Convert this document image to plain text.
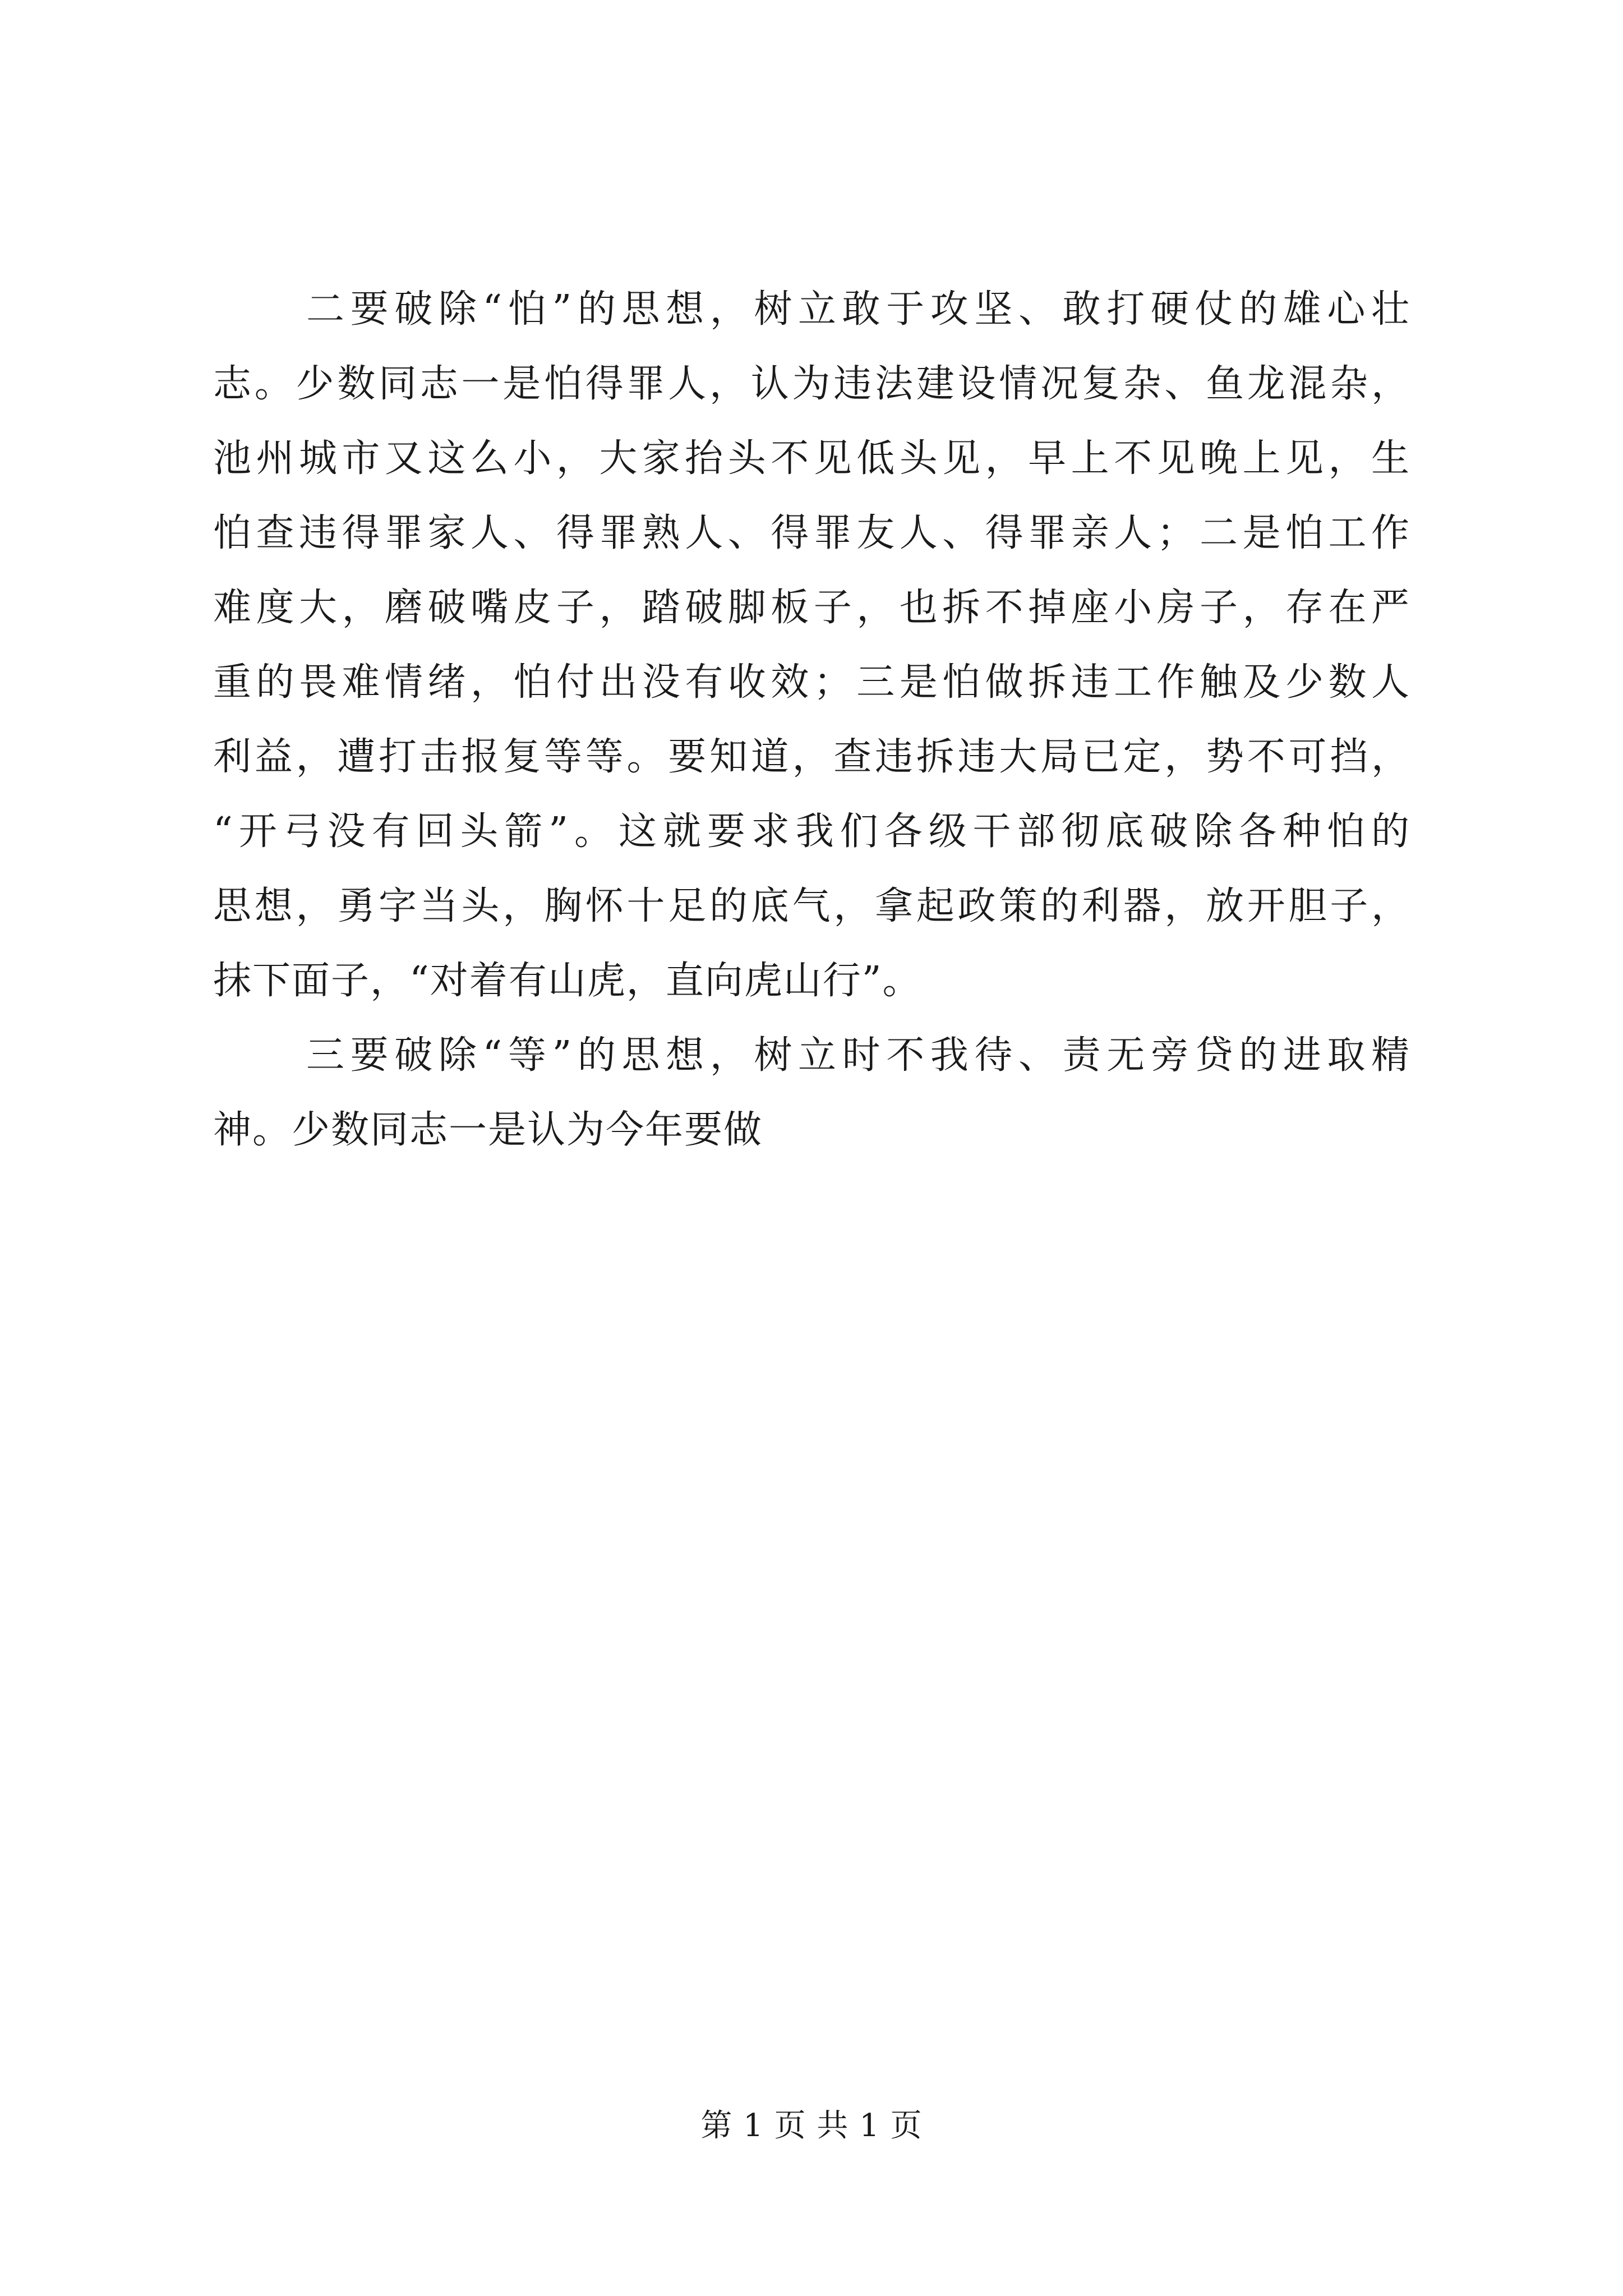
二要破除“怕”的思想，树立敢于攻坚、敢打硬仗的雄心壮
志。少数同志一是怕得罪人，认为违法建设情况复杂、鱼龙混杂，
池州城市又这么小，大家抬头不见低头见，早上不见晚上见，生
怕查违得罪家人、得罪熟人、得罪友人、得罪亲人；二是怕工作
难度大，磨破嘴皮子，踏破脚板子，也拆不掉座小房子，存在严
重的畏难情绪，怕付出没有收效；三是怕做拆违工作触及少数人
利益，遭打击报复等等。要知道，查违拆违大局已定，势不可挡，
“开弓没有回头箭”。这就要求我们各级干部彻底破除各种怕的
思想，勇字当头，胸怀十足的底气，拿起政策的利器，放开胆子，
抹下面子，“对着有山虎，直向虎山行”。
三要破除“等”的思想，树立时不我待、责无旁贷的进取精
神。少数同志一是认为今年要做
第 1 页 共 1 页
